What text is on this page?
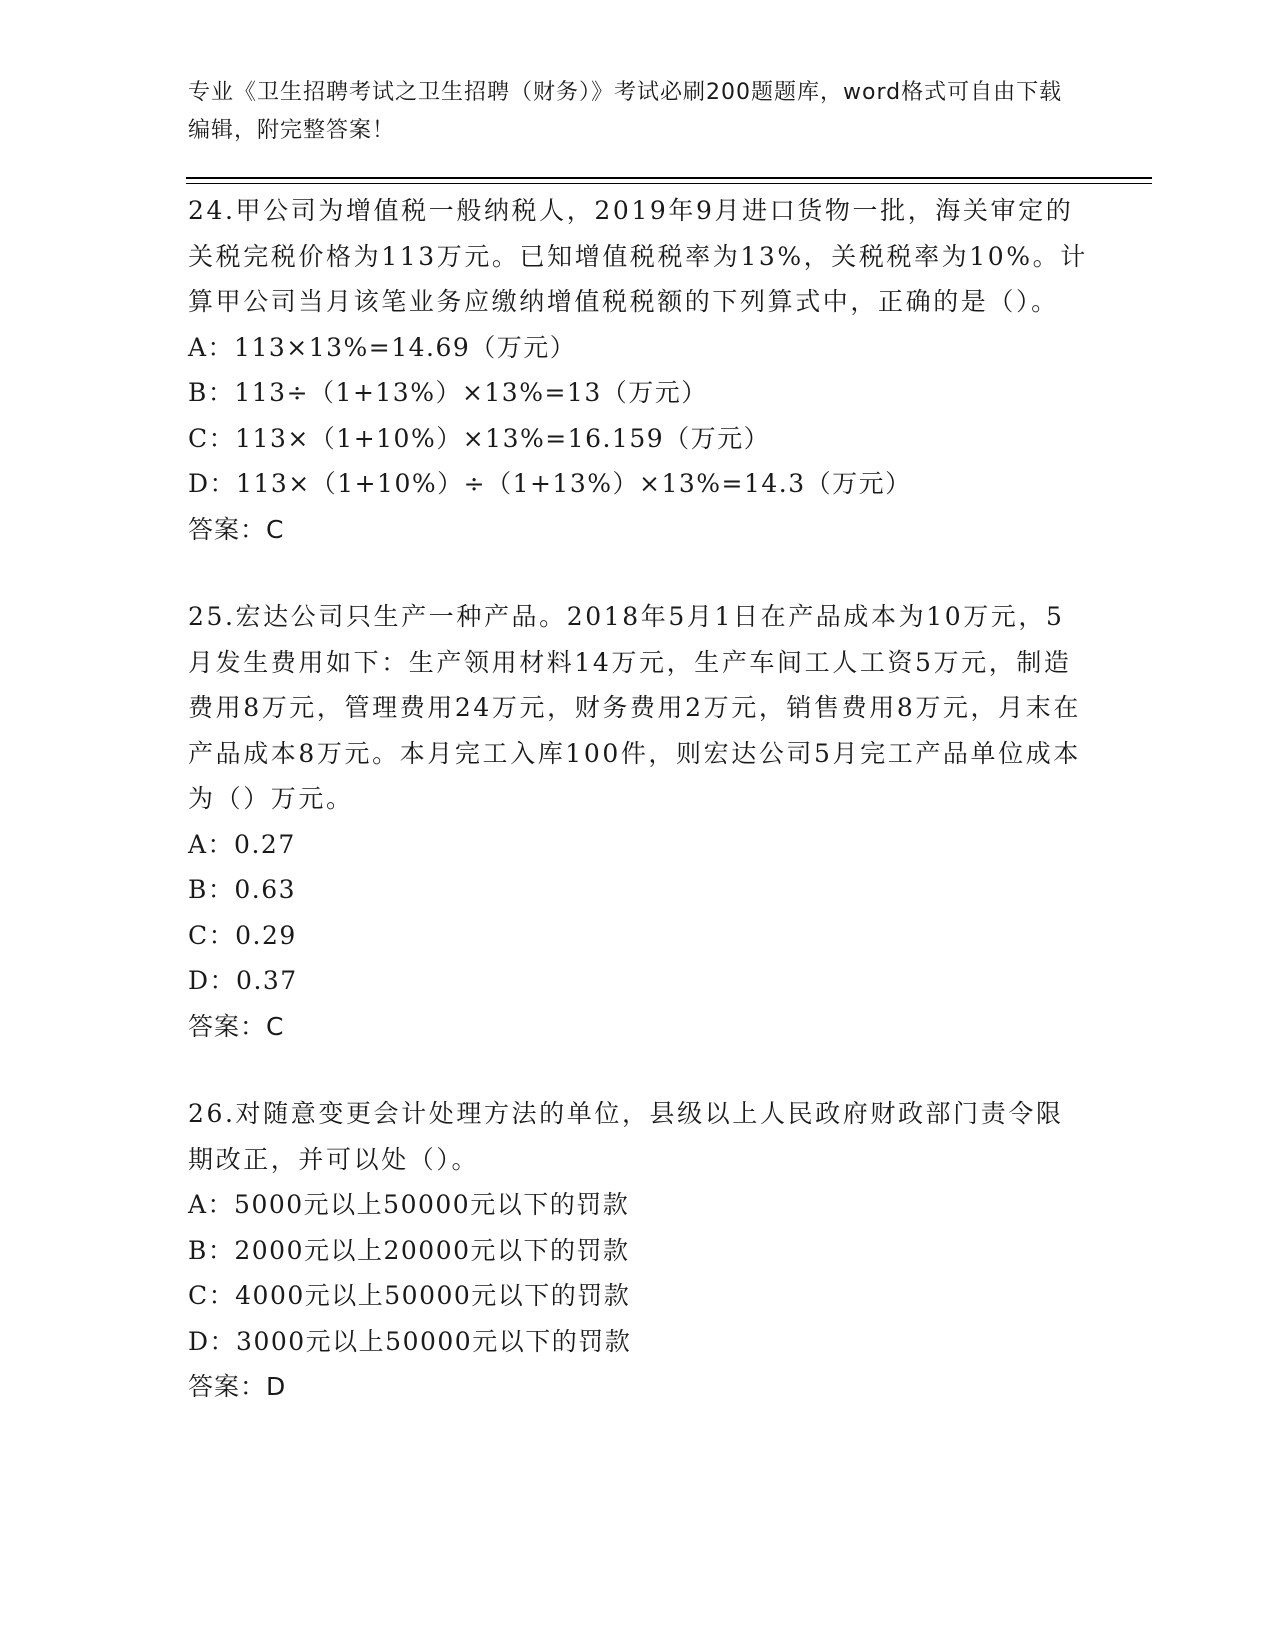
专业《卫生招聘考试之卫生招聘（财务）》考试必刷200题题库，word格式可自由下载编辑，附完整答案！

24.甲公司为增值税一般纳税人，2019年9月进口货物一批，海关审定的关税完税价格为113万元。已知增值税税率为13%，关税税率为10%。计算甲公司当月该笔业务应缴纳增值税税额的下列算式中，正确的是（）。

A：113×13%=14.69（万元）

B：113÷（1+13%）×13%=13（万元）

C：113×（1+10%）×13%=16.159（万元）

D：113×（1+10%）÷（1+13%）×13%=14.3（万元）

答案：C

25.宏达公司只生产一种产品。2018年5月1日在产品成本为10万元，5月发生费用如下：生产领用材料14万元，生产车间工人工资5万元，制造费用8万元，管理费用24万元，财务费用2万元，销售费用8万元，月末在产品成本8万元。本月完工入库100件，则宏达公司5月完工产品单位成本为（）万元。

A：0.27

B：0.63

C：0.29

D：0.37

答案：C

26.对随意变更会计处理方法的单位，县级以上人民政府财政部门责令限期改正，并可以处（）。

A：5000元以上50000元以下的罚款

B：2000元以上20000元以下的罚款

C：4000元以上50000元以下的罚款

D：3000元以上50000元以下的罚款

答案：D
